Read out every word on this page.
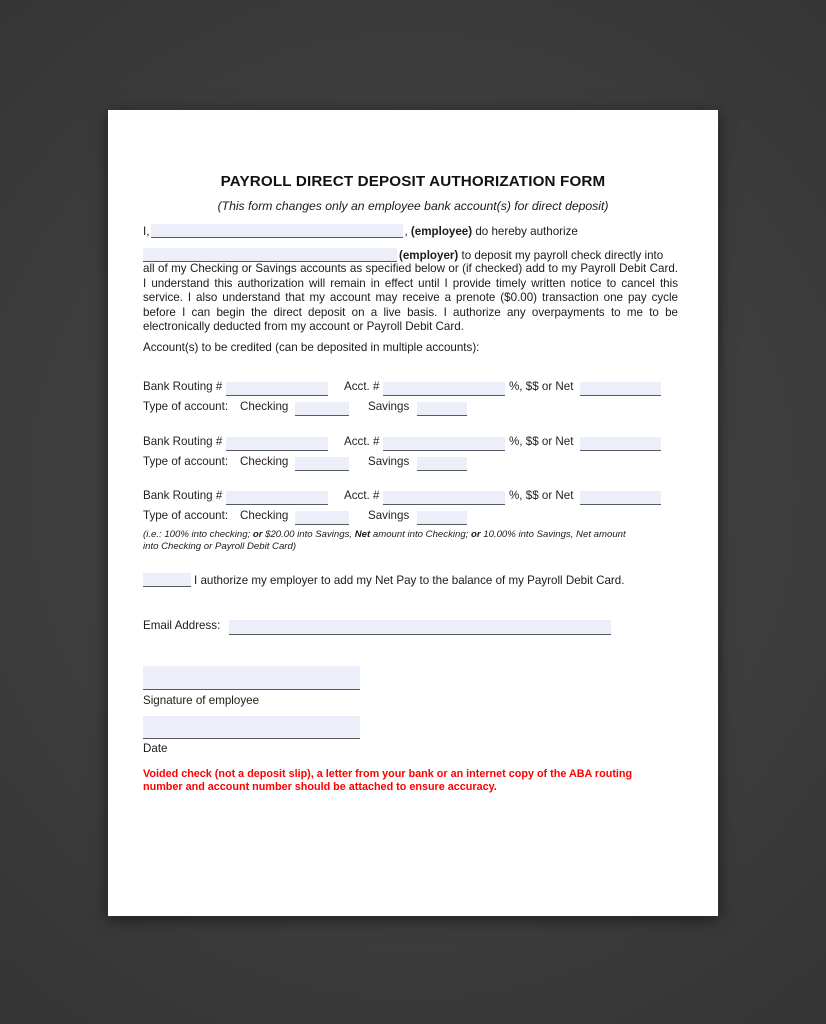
PAYROLL DIRECT DEPOSIT AUTHORIZATION FORM
(This form changes only an employee bank account(s) for direct deposit)
I,	, (employee) do hereby authorize
(employer) to deposit my payroll check directly into
all of my Checking or Savings accounts as specified below or (if checked) add to my Payroll Debit Card. I understand this authorization will remain in effect until I provide timely written notice to cancel this service. I also understand that my account may receive a prenote ($0.00) transaction one pay cycle before I can begin the direct deposit on a live basis. I authorize any overpayments to me to be electronically deducted from my account or Payroll Debit Card.
Account(s) to be credited (can be deposited in multiple accounts):
Bank Routing #	Acct. #	%, $$ or Net
Type of account: Checking	Savings
Bank Routing #	Acct. #	%, $$ or Net
Type of account: Checking	Savings
Bank Routing #	Acct. #	%, $$ or Net
Type of account: Checking	Savings
(i.e.: 100% into checking; or $20.00 into Savings, Net amount into Checking; or 10.00% into Savings, Net amount into Checking or Payroll Debit Card)
I authorize my employer to add my Net Pay to the balance of my Payroll Debit Card.
Email Address:
Signature of employee
Date
Voided check (not a deposit slip), a letter from your bank or an internet copy of the ABA routing number and account number should be attached to ensure accuracy.
